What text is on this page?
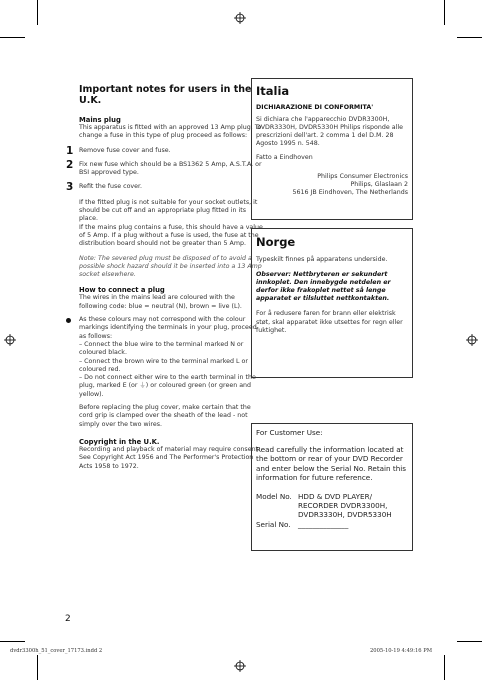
Important notes for users in the U.K.
Mains plug
This apparatus is fitted with an approved 13 Amp plug. To change a fuse in this type of plug proceed as follows:
1 Remove fuse cover and fuse.
2 Fix new fuse which should be a BS1362 5 Amp, A.S.T.A. or BSI approved type.
3 Refit the fuse cover.
If the fitted plug is not suitable for your socket outlets, it should be cut off and an appropriate plug fitted in its place.
If the mains plug contains a fuse, this should have a value of 5 Amp. If a plug without a fuse is used, the fuse at the distribution board should not be greater than 5 Amp.
Note: The severed plug must be disposed of to avoid a possible shock hazard should it be inserted into a 13 Amp socket elsewhere.
How to connect a plug
The wires in the mains lead are coloured with the following code: blue = neutral (N), brown = live (L).
As these colours may not correspond with the colour markings identifying the terminals in your plug, proceed as follows:
– Connect the blue wire to the terminal marked N or coloured black.
– Connect the brown wire to the terminal marked L or coloured red.
– Do not connect either wire to the earth terminal in the plug, marked E (or ⏚) or coloured green (or green and yellow).
Before replacing the plug cover, make certain that the cord grip is clamped over the sheath of the lead - not simply over the two wires.
Copyright in the U.K.
Recording and playback of material may require consent. See Copyright Act 1956 and The Performer's Protection Acts 1958 to 1972.
Italia
DICHIARAZIONE DI CONFORMITA'
Si dichiara che l'apparecchio DVDR3300H, DVDR3330H, DVDR5330H Philips risponde alle prescrizioni dell'art. 2 comma 1 del D.M. 28 Agosto 1995 n. 548.
Fatto a Eindhoven
Philips Consumer Electronics
Philips, Glaslaan 2
5616 JB Eindhoven, The Netherlands
Norge
Typeskilt finnes på apparatens underside.
Observer: Nettbryteren er sekundert innkoplet. Den innebygde netdelen er derfor ikke frakoplet nettet så lenge apparatet er tilsluttet nettkontakten.
For å redusere faren for brann eller elektrisk støt, skal apparatet ikke utsettes for regn eller fuktighet.
For Customer Use:
Read carefully the information located at the bottom or rear of your DVD Recorder and enter below the Serial No. Retain this information for future reference.
Model No. HDD & DVD PLAYER/
RECORDER DVDR3300H,
DVDR3330H, DVDR5330H
Serial No.	______________
2
dvdr3300h_51_cover_17173.indd 2	2005-10-19 4:49:16 PM
